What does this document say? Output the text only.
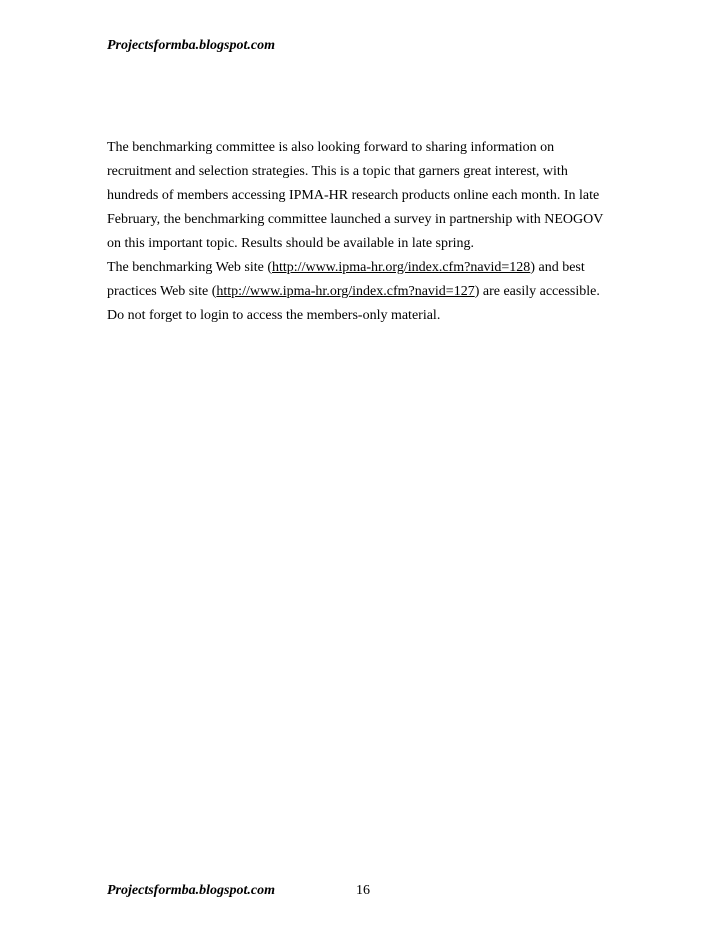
Projectsformba.blogspot.com
The benchmarking committee is also looking forward to sharing information on
recruitment and selection strategies. This is a topic that garners great interest, with
hundreds of members accessing IPMA-HR research products online each month. In late
February, the benchmarking committee launched a survey in partnership with NEOGOV
on this important topic. Results should be available in late spring.
The benchmarking Web site (http://www.ipma-hr.org/index.cfm?navid=128) and best
practices Web site (http://www.ipma-hr.org/index.cfm?navid=127) are easily accessible.
Do not forget to login to access the members-only material.
Projectsformba.blogspot.com	16
